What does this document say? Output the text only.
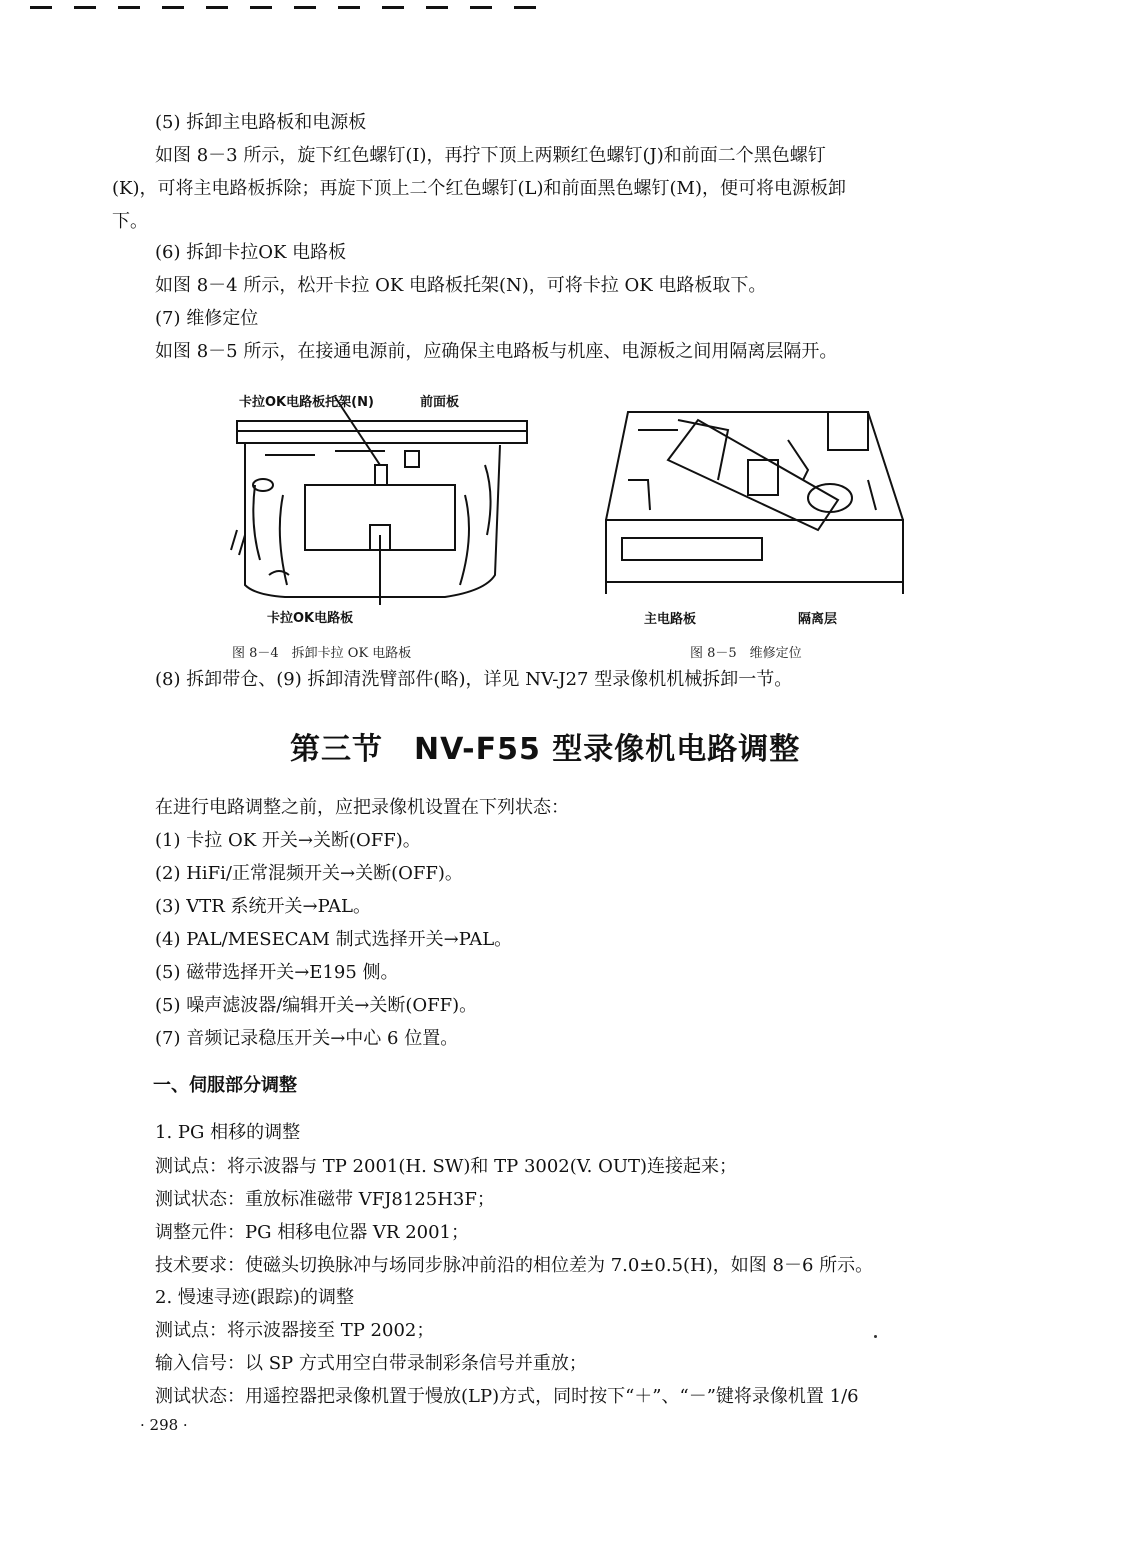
(5) 拆卸主电路板和电源板
如图 8－3 所示，旋下红色螺钉(I)，再拧下顶上两颗红色螺钉(J)和前面二个黑色螺钉
(K)，可将主电路板拆除；再旋下顶上二个红色螺钉(L)和前面黑色螺钉(M)，便可将电源板卸
下。
(6) 拆卸卡拉OK 电路板
如图 8－4 所示，松开卡拉 OK 电路板托架(N)，可将卡拉 OK 电路板取下。
(7) 维修定位
如图 8－5 所示，在接通电源前，应确保主电路板与机座、电源板之间用隔离层隔开。
卡拉OK电路板托架(N)	前面板
卡拉OK电路板
图 8－4　拆卸卡拉 OK 电路板
主电路板	隔离层
图 8－5　维修定位
(8) 拆卸带仓、(9) 拆卸清洗臂部件(略)，详见 NV-J27 型录像机机械拆卸一节。
第三节　NV-F55 型录像机电路调整
在进行电路调整之前，应把录像机设置在下列状态：
(1) 卡拉 OK 开关→关断(OFF)。
(2) HiFi/正常混频开关→关断(OFF)。
(3) VTR 系统开关→PAL。
(4) PAL/MESECAM 制式选择开关→PAL。
(5) 磁带选择开关→E195 侧。
(5) 噪声滤波器/编辑开关→关断(OFF)。
(7) 音频记录稳压开关→中心 6 位置。
一、伺服部分调整
1. PG 相移的调整
测试点：将示波器与 TP 2001(H. SW)和 TP 3002(V. OUT)连接起来；
测试状态：重放标准磁带 VFJ8125H3F；
调整元件：PG 相移电位器 VR 2001；
技术要求：使磁头切换脉冲与场同步脉冲前沿的相位差为 7.0±0.5(H)，如图 8－6 所示。
2. 慢速寻迹(跟踪)的调整
测试点：将示波器接至 TP 2002；
输入信号：以 SP 方式用空白带录制彩条信号并重放；
测试状态：用遥控器把录像机置于慢放(LP)方式，同时按下“＋”、“－”键将录像机置 1/6
· 298 ·
